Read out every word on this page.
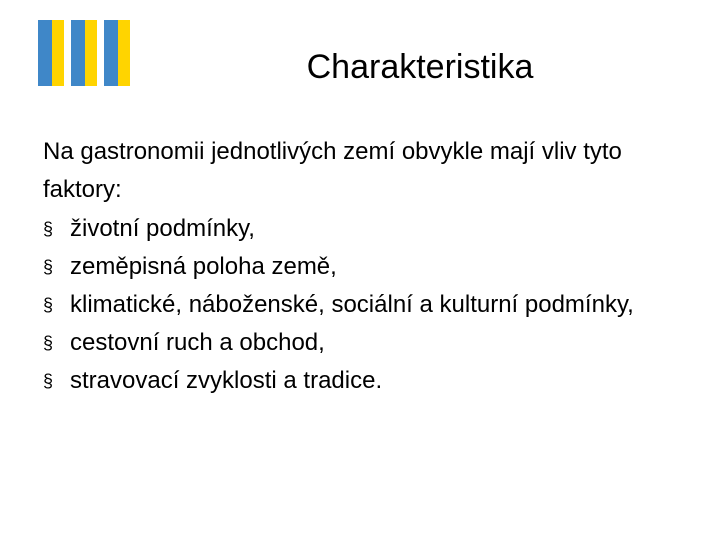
Charakteristika
Na gastronomii jednotlivých zemí obvykle mají vliv tyto faktory:
§ životní podmínky,
§ zeměpisná poloha země,
§ klimatické, náboženské, sociální a kulturní podmínky,
§ cestovní ruch a obchod,
§ stravovací zvyklosti a tradice.
